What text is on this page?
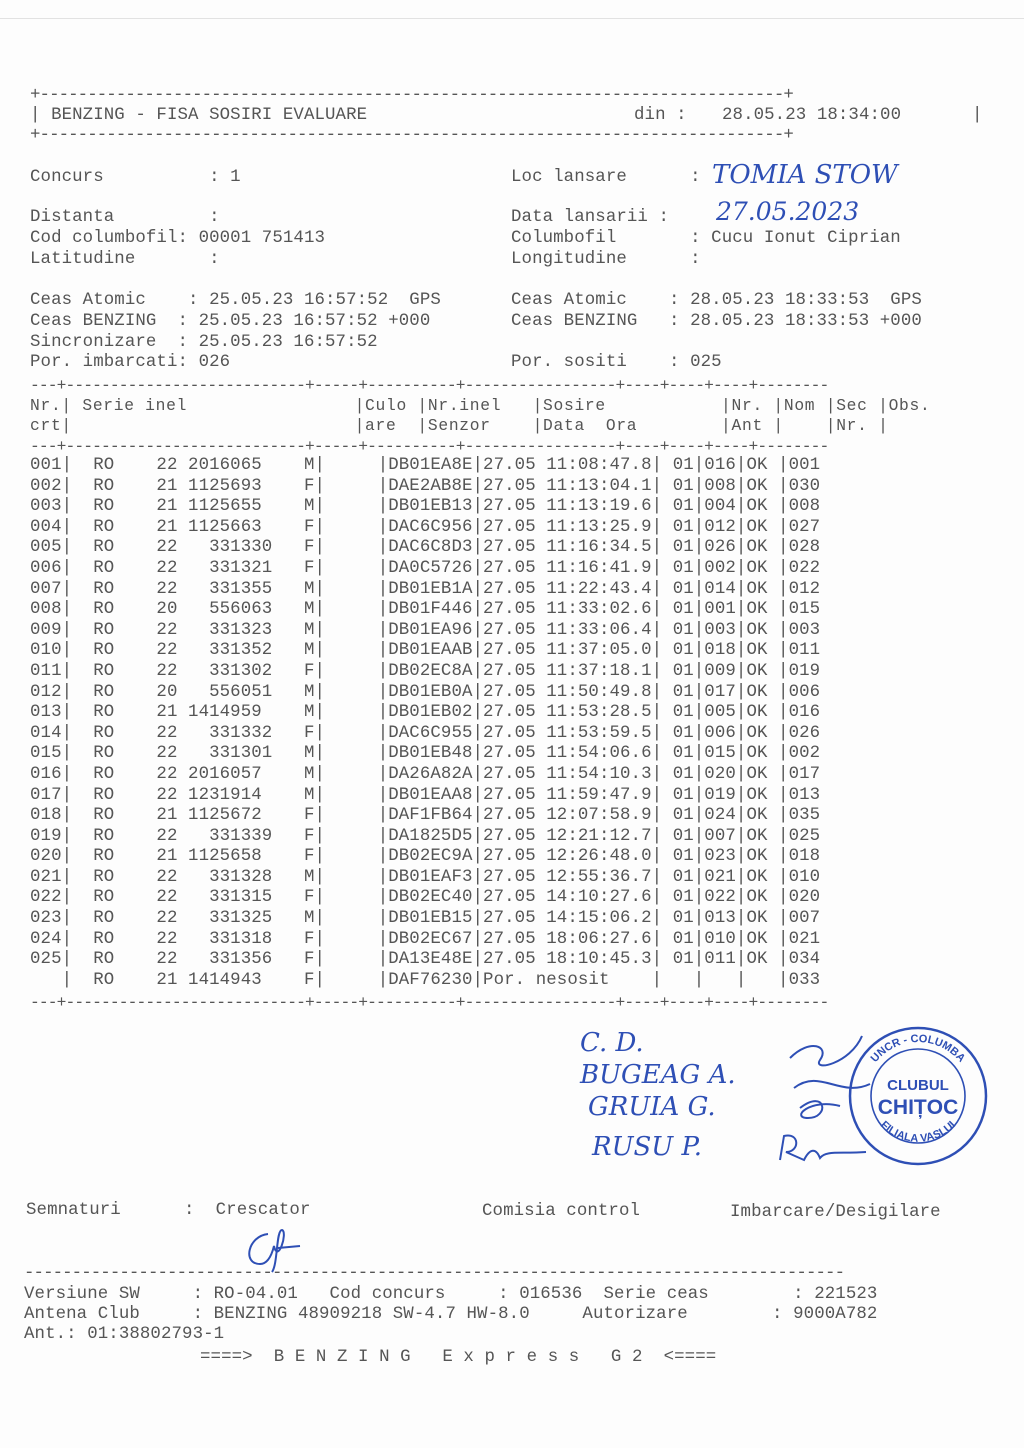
+------------------------------------------------------------------------------+
| BENZING - FISA SOSIRI EVALUARE	din : 28.05.23 18:34:00	|
+------------------------------------------------------------------------------+
Concurs          : 1	Loc lansare      : TOMIA STOW
Distanta         :	Data lansarii : 27.05.2023
Cod columbofil: 00001 751413	Columbofil       : Cucu Ionut Ciprian
Latitudine       :	Longitudine      :
Ceas Atomic    : 25.05.23 16:57:52  GPS	Ceas Atomic    : 28.05.23 18:33:53  GPS
Ceas BENZING  : 25.05.23 16:57:52 +000	Ceas BENZING   : 28.05.23 18:33:53 +000
Sincronizare  : 25.05.23 16:57:52
Por. imbarcati: 026	Por. sositi    : 025
---+---------------------------+-----+----------+-----------------+----+----+----+--------
Nr.| Serie inel                |Culo |Nr.inel   |Sosire           |Nr. |Nom |Sec |Obs.
crt|                           |are  |Senzor    |Data  Ora        |Ant |    |Nr. |
---+---------------------------+-----+----------+-----------------+----+----+----+--------
001|  RO    22 2016065    M|     |DB01EA8E|27.05 11:08:47.8| 01|016|OK |001
002|  RO    21 1125693    F|     |DAE2AB8E|27.05 11:13:04.1| 01|008|OK |030
003|  RO    21 1125655    M|     |DB01EB13|27.05 11:13:19.6| 01|004|OK |008
004|  RO    21 1125663    F|     |DAC6C956|27.05 11:13:25.9| 01|012|OK |027
005|  RO    22   331330   F|     |DAC6C8D3|27.05 11:16:34.5| 01|026|OK |028
006|  RO    22   331321   F|     |DA0C5726|27.05 11:16:41.9| 01|002|OK |022
007|  RO    22   331355   M|     |DB01EB1A|27.05 11:22:43.4| 01|014|OK |012
008|  RO    20   556063   M|     |DB01F446|27.05 11:33:02.6| 01|001|OK |015
009|  RO    22   331323   M|     |DB01EA96|27.05 11:33:06.4| 01|003|OK |003
010|  RO    22   331352   M|     |DB01EAAB|27.05 11:37:05.0| 01|018|OK |011
011|  RO    22   331302   F|     |DB02EC8A|27.05 11:37:18.1| 01|009|OK |019
012|  RO    20   556051   M|     |DB01EB0A|27.05 11:50:49.8| 01|017|OK |006
013|  RO    21 1414959    M|     |DB01EB02|27.05 11:53:28.5| 01|005|OK |016
014|  RO    22   331332   F|     |DAC6C955|27.05 11:53:59.5| 01|006|OK |026
015|  RO    22   331301   M|     |DB01EB48|27.05 11:54:06.6| 01|015|OK |002
016|  RO    22 2016057    M|     |DA26A82A|27.05 11:54:10.3| 01|020|OK |017
017|  RO    22 1231914    M|     |DB01EAA8|27.05 11:59:47.9| 01|019|OK |013
018|  RO    21 1125672    F|     |DAF1FB64|27.05 12:07:58.9| 01|024|OK |035
019|  RO    22   331339   F|     |DA1825D5|27.05 12:21:12.7| 01|007|OK |025
020|  RO    21 1125658    F|     |DB02EC9A|27.05 12:26:48.0| 01|023|OK |018
021|  RO    22   331328   M|     |DB01EAF3|27.05 12:55:36.7| 01|021|OK |010
022|  RO    22   331315   F|     |DB02EC40|27.05 14:10:27.6| 01|022|OK |020
023|  RO    22   331325   M|     |DB01EB15|27.05 14:15:06.2| 01|013|OK |007
024|  RO    22   331318   F|     |DB02EC67|27.05 18:06:27.6| 01|010|OK |021
025|  RO    22   331356   F|     |DA13E48E|27.05 18:10:45.3| 01|011|OK |034
|  RO    21 1414943    F|     |DAF76230|Por. nesosit    |   |   |   |033
---+---------------------------+-----+----------+-----------------+----+----+----+--------
C. D.
BUGEAG A.
GRUIA G.
RUSU P.
UNCR - COLUMBA
FILIALA VASLUI
CLUBUL
CHIȚOC
Semnaturi      :  Crescator	Comisia control	Imbarcare/Desigilare
--------------------------------------------------------------------------------------
Versiune SW     : RO-04.01   Cod concurs     : 016536  Serie ceas        : 221523
Antena Club     : BENZING 48909218 SW-4.7 HW-8.0     Autorizare        : 9000A782
Ant.: 01:38802793-1
====>  B E N Z I N G   E x p r e s s   G 2  <====
